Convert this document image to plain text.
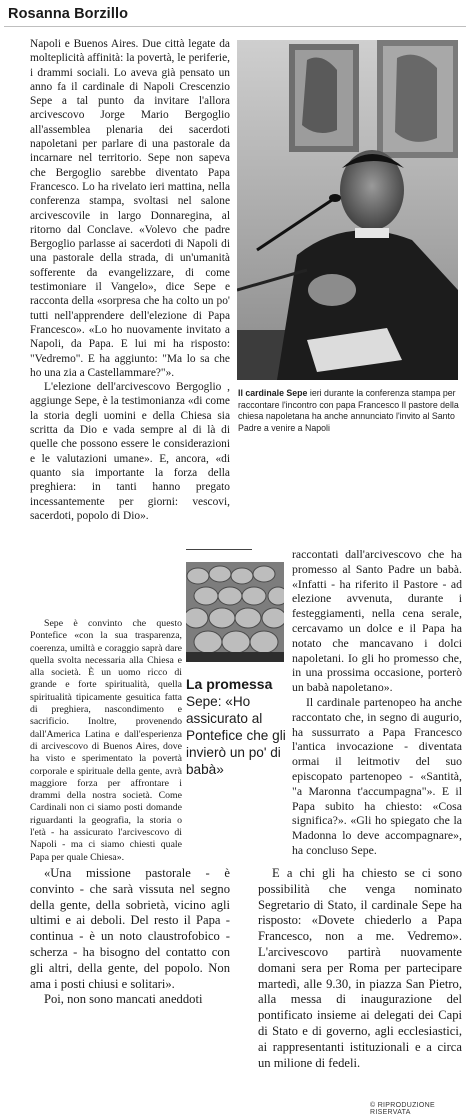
Rosanna Borzillo

Napoli e Buenos Aires. Due città legate da molteplicità affinità: la povertà, le periferie, i drammi sociali. Lo aveva già pensato un anno fa il cardinale di Napoli Crescenzio Sepe a tal punto da invitare l'allora arcivescovo Jorge Mario Bergoglio all'assemblea plenaria dei sacerdoti napoletani per parlare di una pastorale da incarnare nel territorio. Sepe non sapeva che Bergoglio sarebbe diventato Papa Francesco. Lo ha rivelato ieri mattina, nella conferenza stampa, svoltasi nel salone arcivescovile in largo Donnaregina, al ritorno dal Conclave. «Volevo che padre Bergoglio parlasse ai sacerdoti di Napoli di una pastorale della strada, di un'umanità sofferente da evangelizzare, di come testimoniare il Vangelo», dice Sepe e racconta della «sorpresa che ha colto un po' tutti nell'apprendere dell'elezione di Papa Francesco». «Lo ho nuovamente invitato a Napoli, da Papa. E lui mi ha risposto: "Vedremo". E ha aggiunto: "Ma lo sa che ho una zia a Castellammare?"».

L'elezione dell'arcivescovo Bergoglio , aggiunge Sepe, è la testimonianza «di come la storia degli uomini e della Chiesa sia scritta da Dio e vada sempre al di là di quelle che possono essere le considerazioni e le valutazioni umane». E, ancora, «di quanto sia importante la forza della preghiera: in tanti hanno pregato incessantemente per giorni: vescovi, sacerdoti, popolo di Dio».

Il cardinale Sepe ieri durante la conferenza stampa per raccontare l'incontro con papa Francesco Il pastore della chiesa napoletana ha anche annunciato l'invito al Santo Padre a venire a Napoli
La promessa
Sepe: «Ho assicurato al Pontefice che gli invierò un po' di babà»

Sepe è convinto che questo Pontefice «con la sua trasparenza, coerenza, umiltà e coraggio saprà dare quella svolta necessaria alla Chiesa e alla società. È un uomo ricco di grande e forte spiritualità, quella spiritualità tipicamente gesuitica fatta di preghiera, nascondimento e sacrificio. Inoltre, provenendo dall'America Latina e dall'esperienza di arcivescovo di Buenos Aires, dove ha visto e sperimentato la povertà corporale e spirituale della gente, avrà maggiore forza per affrontare i drammi della nostra società. Come Cardinali non ci siamo posti domande riguardanti la geografia, la storia o l'età - ha assicurato l'arcivescovo di Napoli - ma ci siamo chiesti quale Papa per quale Chiesa».

raccontati dall'arcivescovo che ha promesso al Santo Padre un babà. «Infatti - ha riferito il Pastore - ad elezione avvenuta, durante i festeggiamenti, nella cena serale, cercavamo un dolce e il Papa ha notato che mancavano i dolci napoletani. Io gli ho promesso che, in una prossima occasione, porterò un babà napoletano».

Il cardinale partenopeo ha anche raccontato che, in segno di augurio, ha sussurrato a Papa Francesco l'antica invocazione - diventata ormai il leitmotiv del suo episcopato partenopeo - «Santità, "a Maronna t'accumpagna"». E il Papa subito ha chiesto: «Cosa significa?». «Gli ho spiegato che la Madonna lo deve accompagnare», ha concluso Sepe.

«Una missione pastorale - è convinto - che sarà vissuta nel segno della gente, della sobrietà, vicino agli ultimi e ai deboli. Del resto il Papa - continua - è un noto claustrofobico - scherza - ha bisogno del contatto con gli altri, della gente, del popolo. Non ama i posti chiusi e solitari».

Poi, non sono mancati aneddoti

E a chi gli ha chiesto se ci sono possibilità che venga nominato Segretario di Stato, il cardinale Sepe ha risposto: «Dovete chiederlo a Papa Francesco, non a me. Vedremo». L'arcivescovo partirà nuovamente domani sera per Roma per partecipare martedì, alle 9.30, in piazza San Pietro, alla messa di inaugurazione del pontificato insieme ai delegati dei Capi di Stato e di governo, agli ecclesiastici, ai rappresentanti istituzionali e a circa un milione di fedeli.

© RIPRODUZIONE RISERVATA
